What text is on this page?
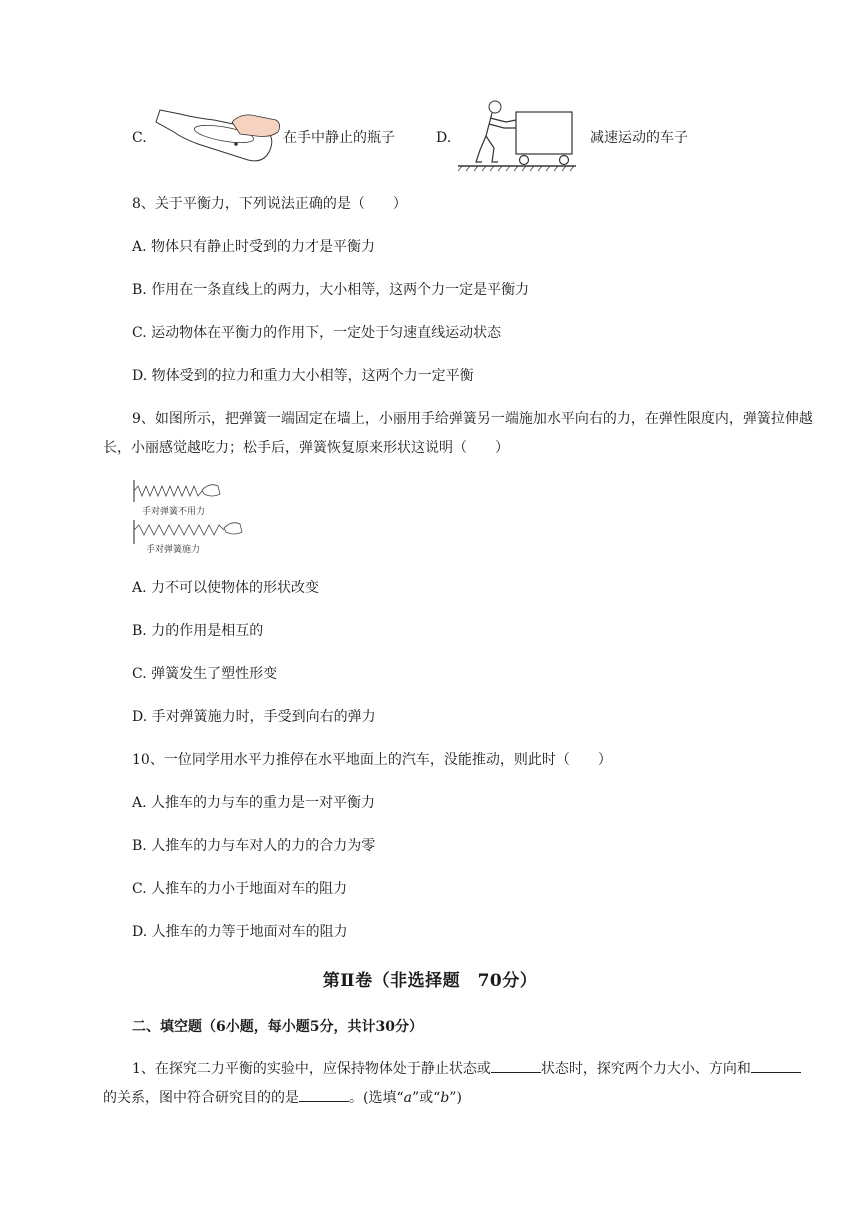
C.	在手中静止的瓶子	D.	减速运动的车子
8、关于平衡力，下列说法正确的是（　　）
A. 物体只有静止时受到的力才是平衡力
B. 作用在一条直线上的两力，大小相等，这两个力一定是平衡力
C. 运动物体在平衡力的作用下，一定处于匀速直线运动状态
D. 物体受到的拉力和重力大小相等，这两个力一定平衡
9、如图所示，把弹簧一端固定在墙上，小丽用手给弹簧另一端施加水平向右的力，在弹性限度内，弹簧拉伸越长，小丽感觉越吃力；松手后，弹簧恢复原来形状这说明（　　）
手对弹簧不用力
手对弹簧施力
A. 力不可以使物体的形状改变
B. 力的作用是相互的
C. 弹簧发生了塑性形变
D. 手对弹簧施力时，手受到向右的弹力
10、一位同学用水平力推停在水平地面上的汽车，没能推动，则此时（　　）
A. 人推车的力与车的重力是一对平衡力
B. 人推车的力与车对人的力的合力为零
C. 人推车的力小于地面对车的阻力
D. 人推车的力等于地面对车的阻力
第Ⅱ卷（非选择题　70分）
二、填空题（6小题，每小题5分，共计30分）
1、在探究二力平衡的实验中，应保持物体处于静止状态或	状态时，探究两个力大小、方向和的关系，图中符合研究目的的是	。(选填“a”或“b”)
